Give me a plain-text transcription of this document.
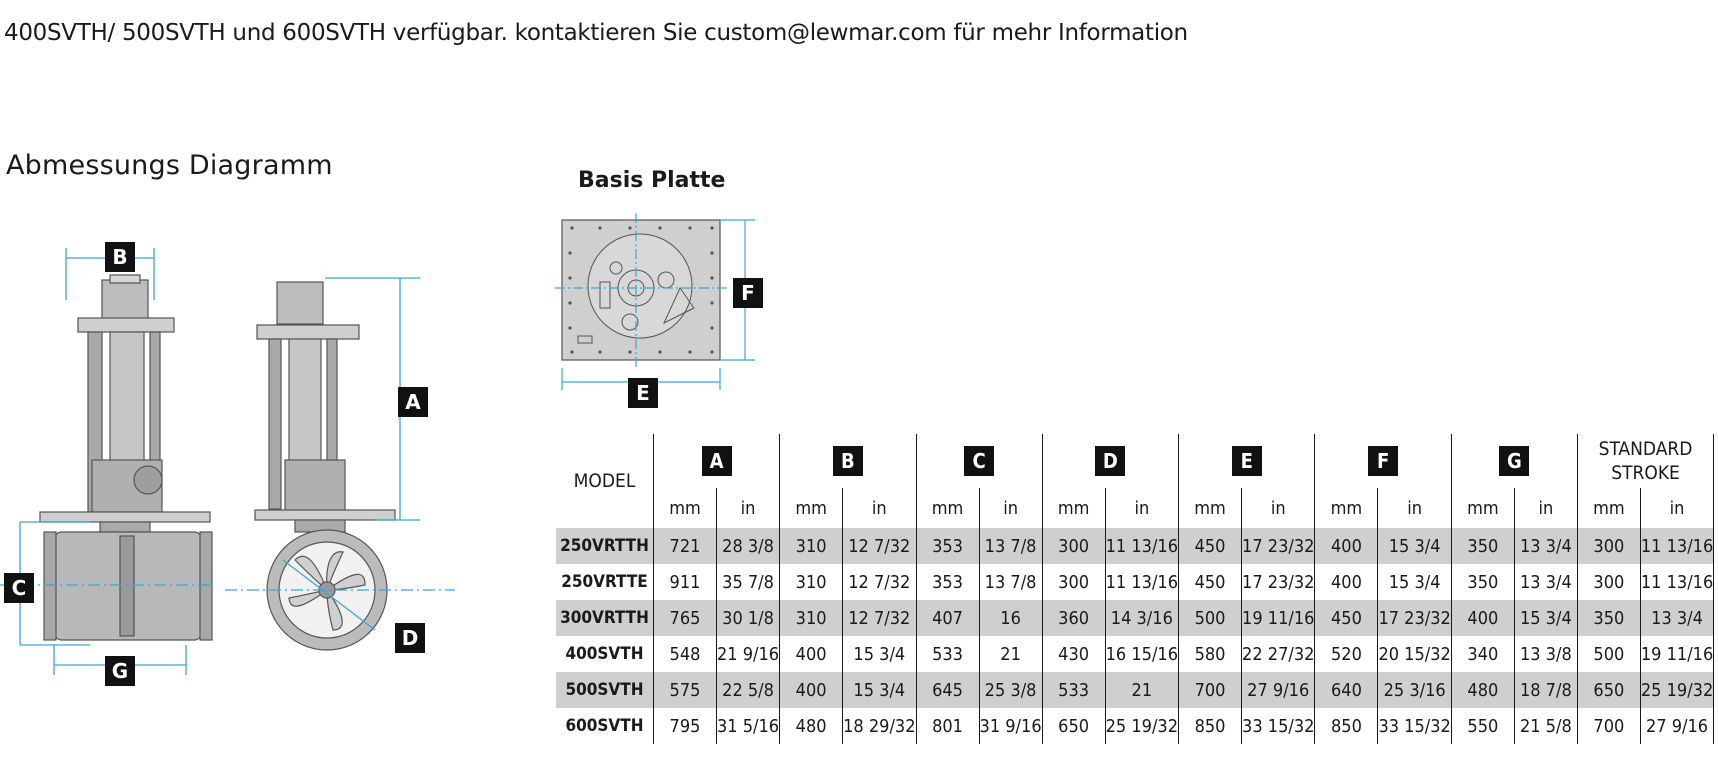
400SVTH/ 500SVTH und 600SVTH verfügbar. kontaktieren Sie custom@lewmar.com für mehr Information
Abmessungs Diagramm	Basis Platte
B
C
G
A
D
F
E
MODEL	A		B		C		D		E		F		G		STANDARD
STROKE	
	mm	in	mm	in	mm	in	mm	in	mm	in	mm	in	mm	in	mm	in
250VRTTH	721	28 3/8	310	12 7/32	353	13 7/8	300	11 13/16	450	17 23/32	400	15 3/4	350	13 3/4	300	11 13/16
250VRTTE	911	35 7/8	310	12 7/32	353	13 7/8	300	11 13/16	450	17 23/32	400	15 3/4	350	13 3/4	300	11 13/16
300VRTTH	765	30 1/8	310	12 7/32	407	16	360	14 3/16	500	19 11/16	450	17 23/32	400	15 3/4	350	13 3/4
400SVTH	548	21 9/16	400	15 3/4	533	21	430	16 15/16	580	22 27/32	520	20 15/32	340	13 3/8	500	19 11/16
500SVTH	575	22 5/8	400	15 3/4	645	25 3/8	533	21	700	27 9/16	640	25 3/16	480	18 7/8	650	25 19/32
600SVTH	795	31 5/16	480	18 29/32	801	31 9/16	650	25 19/32	850	33 15/32	850	33 15/32	550	21 5/8	700	27 9/16
